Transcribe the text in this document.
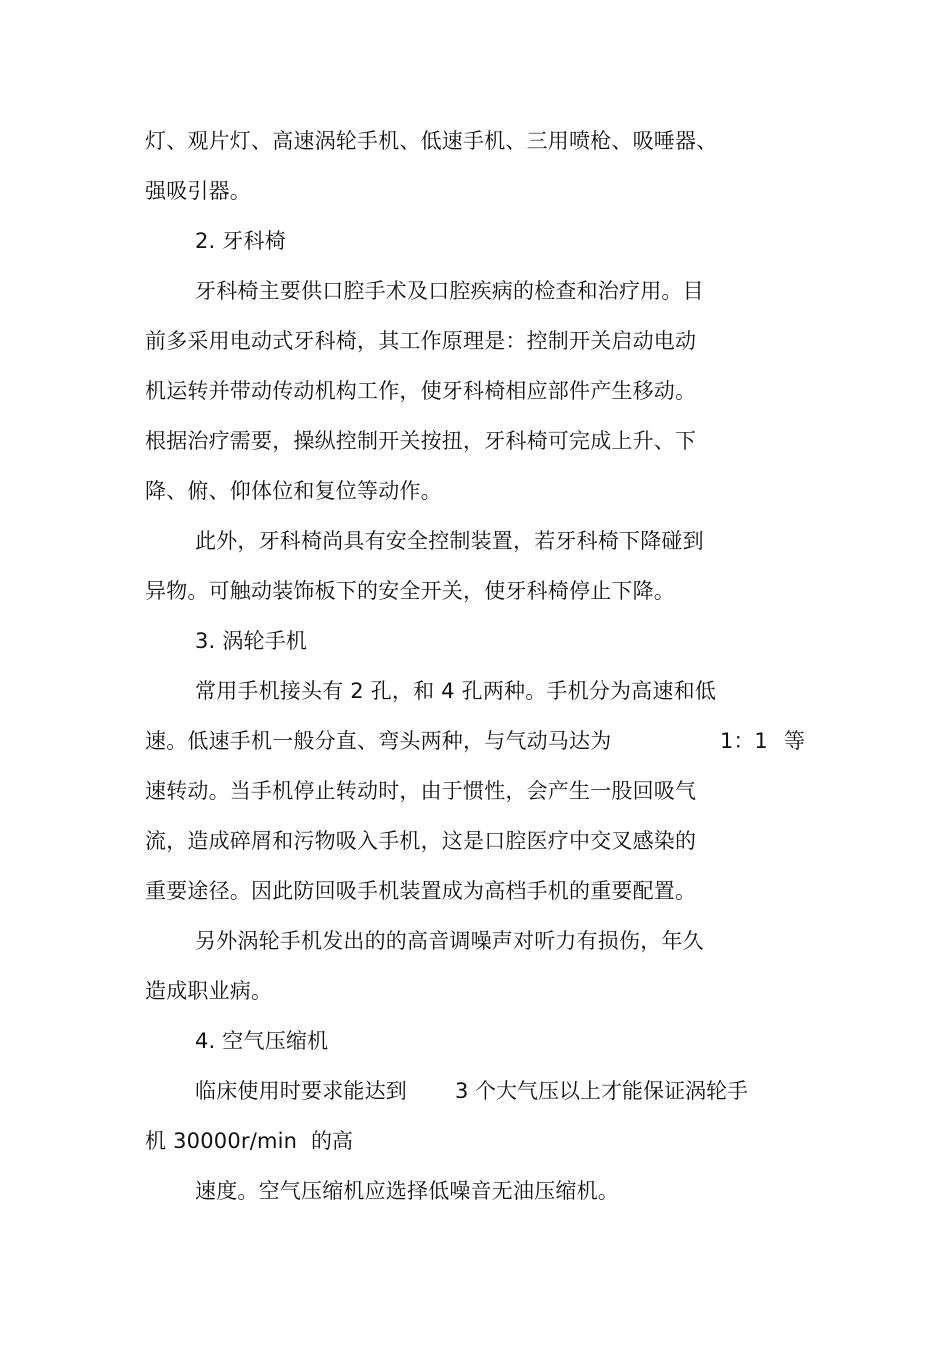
灯、观片灯、高速涡轮手机、低速手机、三用喷枪、吸唾器、
强吸引器。
2. 牙科椅
牙科椅主要供口腔手术及口腔疾病的检查和治疗用。目
前多采用电动式牙科椅，其工作原理是：控制开关启动电动
机运转并带动传动机构工作，使牙科椅相应部件产生移动。
根据治疗需要，操纵控制开关按扭，牙科椅可完成上升、下
降、俯、仰体位和复位等动作。
此外，牙科椅尚具有安全控制装置，若牙科椅下降碰到
异物。可触动装饰板下的安全开关，使牙科椅停止下降。
3. 涡轮手机
常用手机接头有 2 孔，和 4 孔两种。手机分为高速和低
速。低速手机一般分直、弯头两种，与气动马达为	1：1 等
速转动。当手机停止转动时，由于惯性，会产生一股回吸气
流，造成碎屑和污物吸入手机，这是口腔医疗中交叉感染的
重要途径。因此防回吸手机装置成为高档手机的重要配置。
另外涡轮手机发出的的高音调噪声对听力有损伤，年久
造成职业病。
4. 空气压缩机
临床使用时要求能达到 3 个大气压以上才能保证涡轮手
机 30000r/min 的高
速度。空气压缩机应选择低噪音无油压缩机。
